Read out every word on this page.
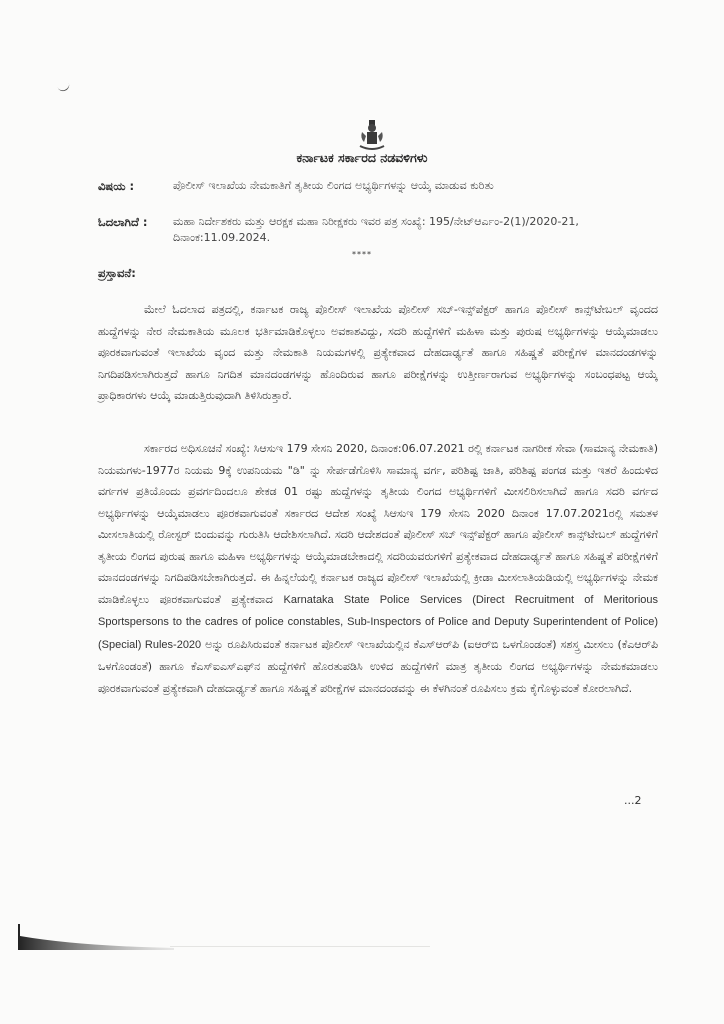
ಕರ್ನಾಟಕ ಸರ್ಕಾರದ ನಡವಳಿಗಳು
ವಿಷಯ :	ಪೊಲೀಸ್ ಇಲಾಖೆಯ ನೇಮಕಾತಿಗೆ ತೃತೀಯ ಲಿಂಗದ ಅಭ್ಯರ್ಥಿಗಳನ್ನು ಆಯ್ಕೆ ಮಾಡುವ ಕುರಿತು
ಓದಲಾಗಿದೆ :	ಮಹಾ ನಿರ್ದೇಶಕರು ಮತ್ತು ಆರಕ್ಷಕ ಮಹಾ ನಿರೀಕ್ಷಕರು ಇವರ ಪತ್ರ ಸಂಖ್ಯೆ: 195/ನೇಟ್ಆರ್ಎಂ-2(1)/2020-21, ದಿನಾಂಕ:11.09.2024.
****
ಪ್ರಸ್ತಾವನೆ:

ಮೇಲೆ ಓದಲಾದ ಪತ್ರದಲ್ಲಿ, ಕರ್ನಾಟಕ ರಾಜ್ಯ ಪೊಲೀಸ್ ಇಲಾಖೆಯ ಪೊಲೀಸ್ ಸಬ್-ಇನ್ಸ್‌ಪೆಕ್ಟರ್ ಹಾಗೂ ಪೊಲೀಸ್ ಕಾನ್ಸ್‌ಟೇಬಲ್ ವೃಂದದ ಹುದ್ದೆಗಳನ್ನು ನೇರ ನೇಮಕಾತಿಯ ಮೂಲಕ ಭರ್ತಿಮಾಡಿಕೊಳ್ಳಲು ಅವಕಾಶವಿದ್ದು, ಸದರಿ ಹುದ್ದೆಗಳಿಗೆ ಮಹಿಳಾ ಮತ್ತು ಪುರುಷ ಅಭ್ಯರ್ಥಿಗಳನ್ನು ಆಯ್ಕೆಮಾಡಲು ಪೂರಕವಾಗುವಂತೆ ಇಲಾಖೆಯ ವೃಂದ ಮತ್ತು ನೇಮಕಾತಿ ನಿಯಮಗಳಲ್ಲಿ ಪ್ರತ್ಯೇಕವಾದ ದೇಹದಾರ್ಢ್ಯತೆ ಹಾಗೂ ಸಹಿಷ್ಣತೆ ಪರೀಕ್ಷೆಗಳ ಮಾನದಂಡಗಳನ್ನು ನಿಗದಿಪಡಿಸಲಾಗಿರುತ್ತದೆ ಹಾಗೂ ನಿಗದಿತ ಮಾನದಂಡಗಳನ್ನು ಹೊಂದಿರುವ ಹಾಗೂ ಪರೀಕ್ಷೆಗಳನ್ನು ಉತ್ತೀರ್ಣರಾಗುವ ಅಭ್ಯರ್ಥಿಗಳನ್ನು ಸಂಬಂಧಪಟ್ಟ ಆಯ್ಕೆ ಪ್ರಾಧಿಕಾರಗಳು ಆಯ್ಕೆ ಮಾಡುತ್ತಿರುವುದಾಗಿ ತಿಳಿಸಿರುತ್ತಾರೆ.

ಸರ್ಕಾರದ ಅಧಿಸೂಚನೆ ಸಂಖ್ಯೆ: ಸಿಆಸುಇ 179 ಸೇಸನಿ 2020, ದಿನಾಂಕ:06.07.2021 ರಲ್ಲಿ ಕರ್ನಾಟಕ ನಾಗರೀಕ ಸೇವಾ (ಸಾಮಾನ್ಯ ನೇಮಕಾತಿ) ನಿಯಮಗಳು-1977ರ ನಿಯಮ 9ಕ್ಕೆ ಉಪನಿಯಮ "ಡಿ" ನ್ನು ಸೇರ್ಪಡೆಗೊಳಿಸಿ ಸಾಮಾನ್ಯ ವರ್ಗ, ಪರಿಶಿಷ್ಟ ಜಾತಿ, ಪರಿಶಿಷ್ಟ ಪಂಗಡ ಮತ್ತು ಇತರೆ ಹಿಂದುಳಿದ ವರ್ಗಗಳ ಪ್ರತಿಯೊಂದು ಪ್ರವರ್ಗದಿಂದಲೂ ಶೇಕಡ 01 ರಷ್ಟು ಹುದ್ದೆಗಳನ್ನು ತೃತೀಯ ಲಿಂಗದ ಅಭ್ಯರ್ಥಿಗಳಿಗೆ ಮೀಸಲಿರಿಸಲಾಗಿದೆ ಹಾಗೂ ಸದರಿ ವರ್ಗದ ಅಭ್ಯರ್ಥಿಗಳನ್ನು ಆಯ್ಕೆಮಾಡಲು ಪೂರಕವಾಗುವಂತೆ ಸರ್ಕಾರದ ಆದೇಶ ಸಂಖ್ಯೆ ಸಿಆಸುಇ 179 ಸೇಸನಿ 2020 ದಿನಾಂಕ 17.07.2021ರಲ್ಲಿ ಸಮತಳ ಮೀಸಲಾತಿಯಲ್ಲಿ ರೋಸ್ಟರ್ ಬಿಂದುವನ್ನು ಗುರುತಿಸಿ ಆದೇಶಿಸಲಾಗಿದೆ. ಸದರಿ ಆದೇಶದಂತೆ ಪೊಲೀಸ್ ಸಬ್ ಇನ್ಸ್‌ಪೆಕ್ಟರ್ ಹಾಗೂ ಪೊಲೀಸ್ ಕಾನ್ಸ್‌ಟೇಬಲ್ ಹುದ್ದೆಗಳಿಗೆ ತೃತೀಯ ಲಿಂಗದ ಪುರುಷ ಹಾಗೂ ಮಹಿಳಾ ಅಭ್ಯರ್ಥಿಗಳನ್ನು ಆಯ್ಕೆಮಾಡಬೇಕಾದಲ್ಲಿ ಸದರಿಯವರುಗಳಿಗೆ ಪ್ರತ್ಯೇಕವಾದ ದೇಹದಾರ್ಢ್ಯತೆ ಹಾಗೂ ಸಹಿಷ್ಣತೆ ಪರೀಕ್ಷೆಗಳಿಗೆ ಮಾನದಂಡಗಳನ್ನು ನಿಗದಿಪಡಿಸಬೇಕಾಗಿರುತ್ತದೆ. ಈ ಹಿನ್ನಲೆಯಲ್ಲಿ ಕರ್ನಾಟಕ ರಾಜ್ಯದ ಪೊಲೀಸ್ ಇಲಾಖೆಯಲ್ಲಿ ಕ್ರೀಡಾ ಮೀಸಲಾತಿಯಡಿಯಲ್ಲಿ ಅಭ್ಯರ್ಥಿಗಳನ್ನು ನೇಮಕ ಮಾಡಿಕೊಳ್ಳಲು ಪೂರಕವಾಗುವಂತೆ ಪ್ರತ್ಯೇಕವಾದ Karnataka State Police Services (Direct Recruitment of Meritorious Sportspersons to the cadres of police constables, Sub-Inspectors of Police and Deputy Superintendent of Police) (Special) Rules-2020 ಅನ್ನು ರೂಪಿಸಿರುವಂತೆ ಕರ್ನಾಟಕ ಪೊಲೀಸ್ ಇಲಾಖೆಯಲ್ಲಿನ ಕೆಎಸ್ಆರ್‌ಪಿ (ಐಆರ್‌ಬಿ ಒಳಗೊಂಡಂತೆ) ಸಶಸ್ತ್ರ ಮೀಸಲು (ಕೆಎಆರ್‌ಪಿ ಒಳಗೊಂಡಂತೆ) ಹಾಗೂ ಕೆಎಸ್ಐಎಸ್ಎಫ್‌ನ ಹುದ್ದೆಗಳಿಗೆ ಹೊರತುಪಡಿಸಿ ಉಳಿದ ಹುದ್ದೆಗಳಿಗೆ ಮಾತ್ರ ತೃತೀಯ ಲಿಂಗದ ಅಭ್ಯರ್ಥಿಗಳನ್ನು ನೇಮಕಮಾಡಲು ಪೂರಕವಾಗುವಂತೆ ಪ್ರತ್ಯೇಕವಾಗಿ ದೇಹದಾರ್ಢ್ಯತೆ ಹಾಗೂ ಸಹಿಷ್ಣತೆ ಪರೀಕ್ಷೆಗಳ ಮಾನದಂಡವನ್ನು ಈ ಕೆಳಗಿನಂತೆ ರೂಪಿಸಲು ಕ್ರಮ ಕೈಗೊಳ್ಳುವಂತೆ ಕೋರಲಾಗಿದೆ.

...2
